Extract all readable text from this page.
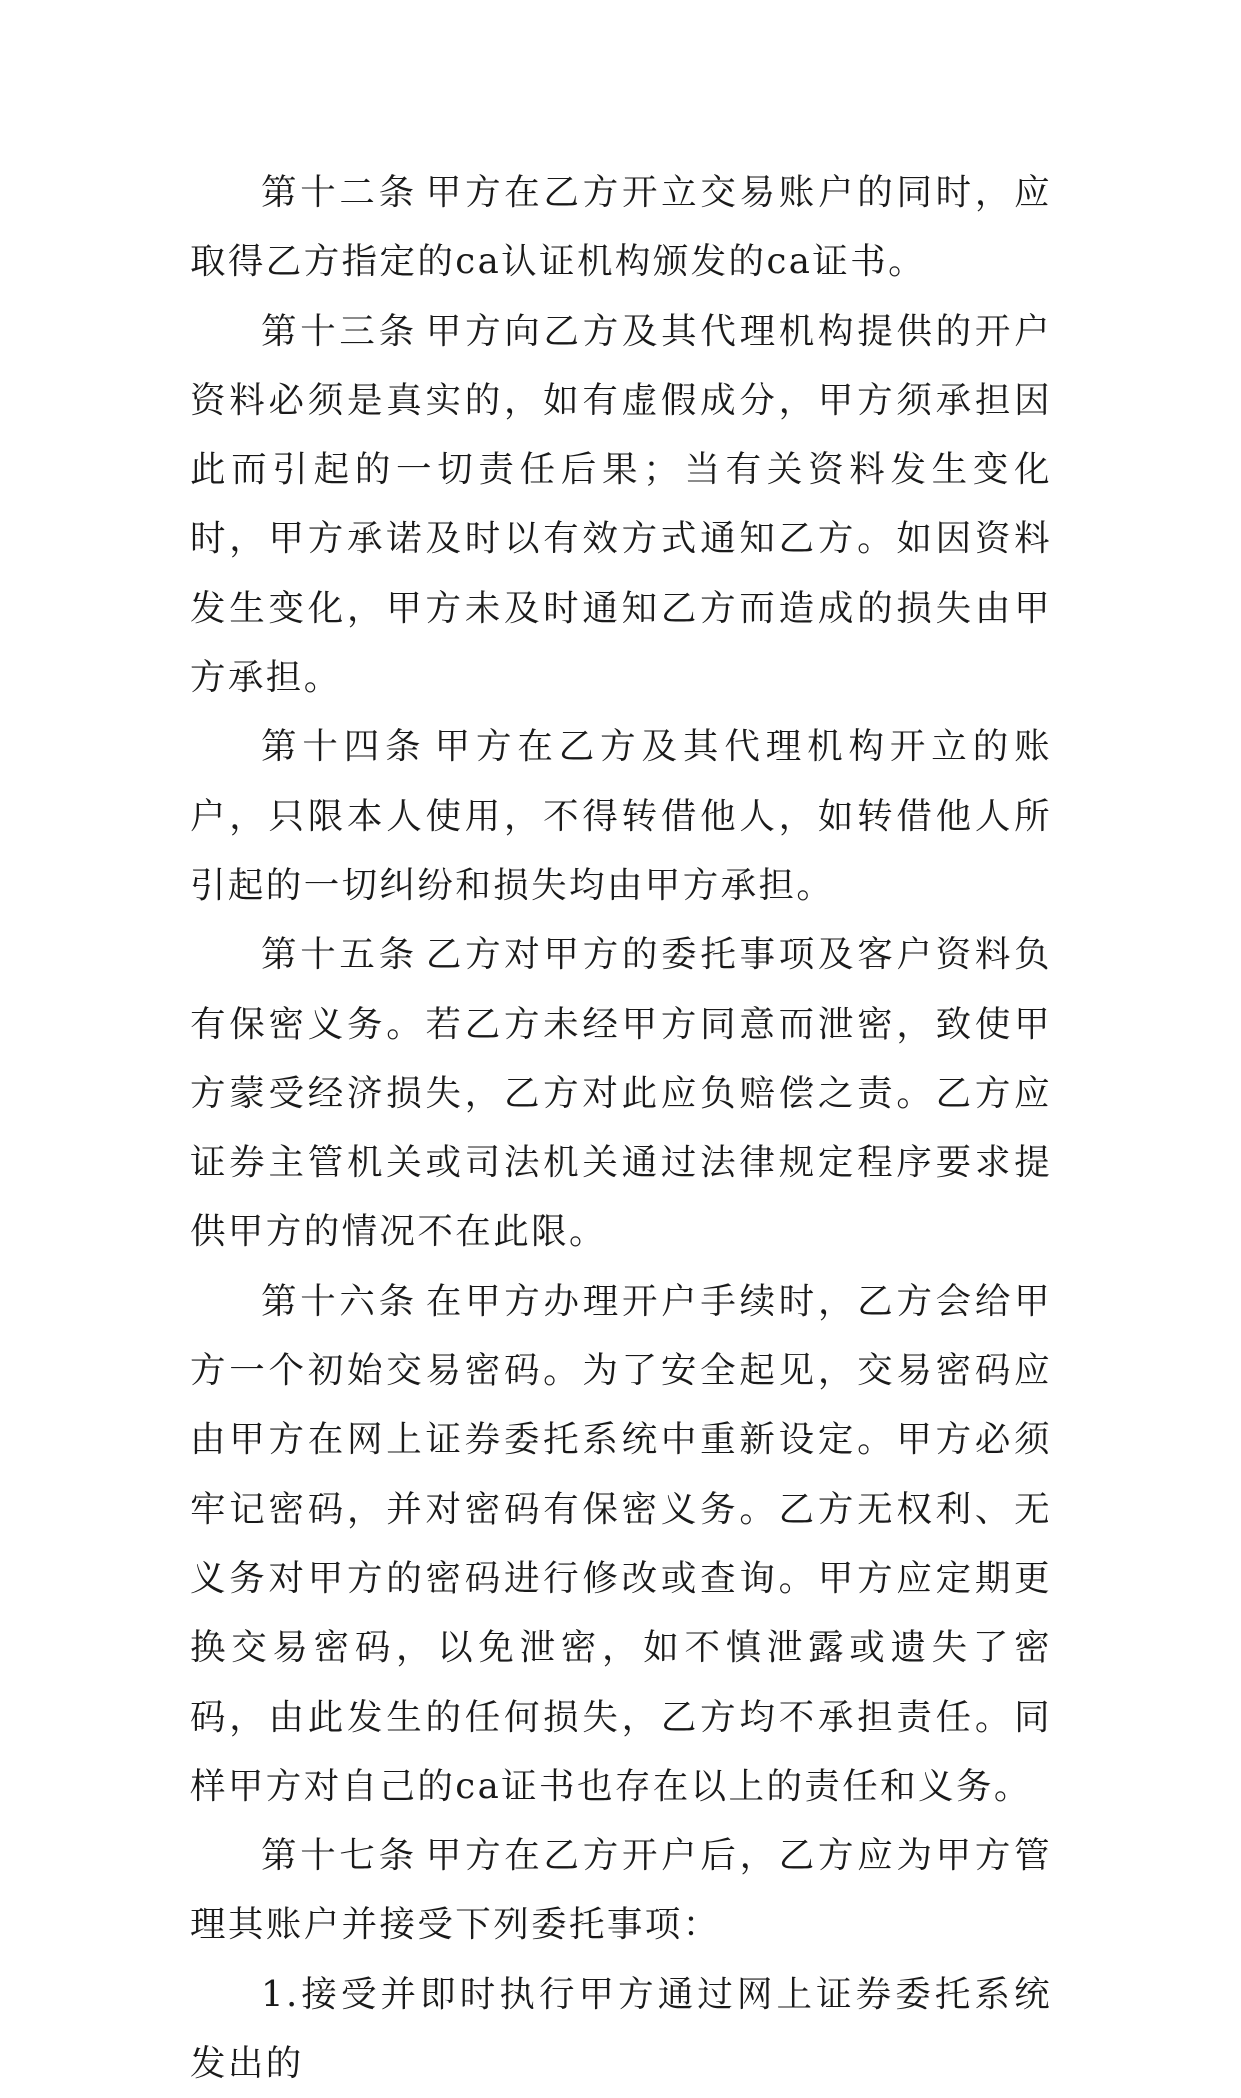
第十二条 甲方在乙方开立交易账户的同时，应取得乙方指定的ca认证机构颁发的ca证书。

第十三条 甲方向乙方及其代理机构提供的开户资料必须是真实的，如有虚假成分，甲方须承担因此而引起的一切责任后果；当有关资料发生变化时，甲方承诺及时以有效方式通知乙方。如因资料发生变化，甲方未及时通知乙方而造成的损失由甲方承担。

第十四条 甲方在乙方及其代理机构开立的账户，只限本人使用，不得转借他人，如转借他人所引起的一切纠纷和损失均由甲方承担。

第十五条 乙方对甲方的委托事项及客户资料负有保密义务。若乙方未经甲方同意而泄密，致使甲方蒙受经济损失，乙方对此应负赔偿之责。乙方应证券主管机关或司法机关通过法律规定程序要求提供甲方的情况不在此限。

第十六条 在甲方办理开户手续时，乙方会给甲方一个初始交易密码。为了安全起见，交易密码应由甲方在网上证券委托系统中重新设定。甲方必须牢记密码，并对密码有保密义务。乙方无权利、无义务对甲方的密码进行修改或查询。甲方应定期更换交易密码，以免泄密，如不慎泄露或遗失了密码，由此发生的任何损失，乙方均不承担责任。同样甲方对自己的ca证书也存在以上的责任和义务。

第十七条 甲方在乙方开户后，乙方应为甲方管理其账户并接受下列委托事项：

1.接受并即时执行甲方通过网上证券委托系统发出的
